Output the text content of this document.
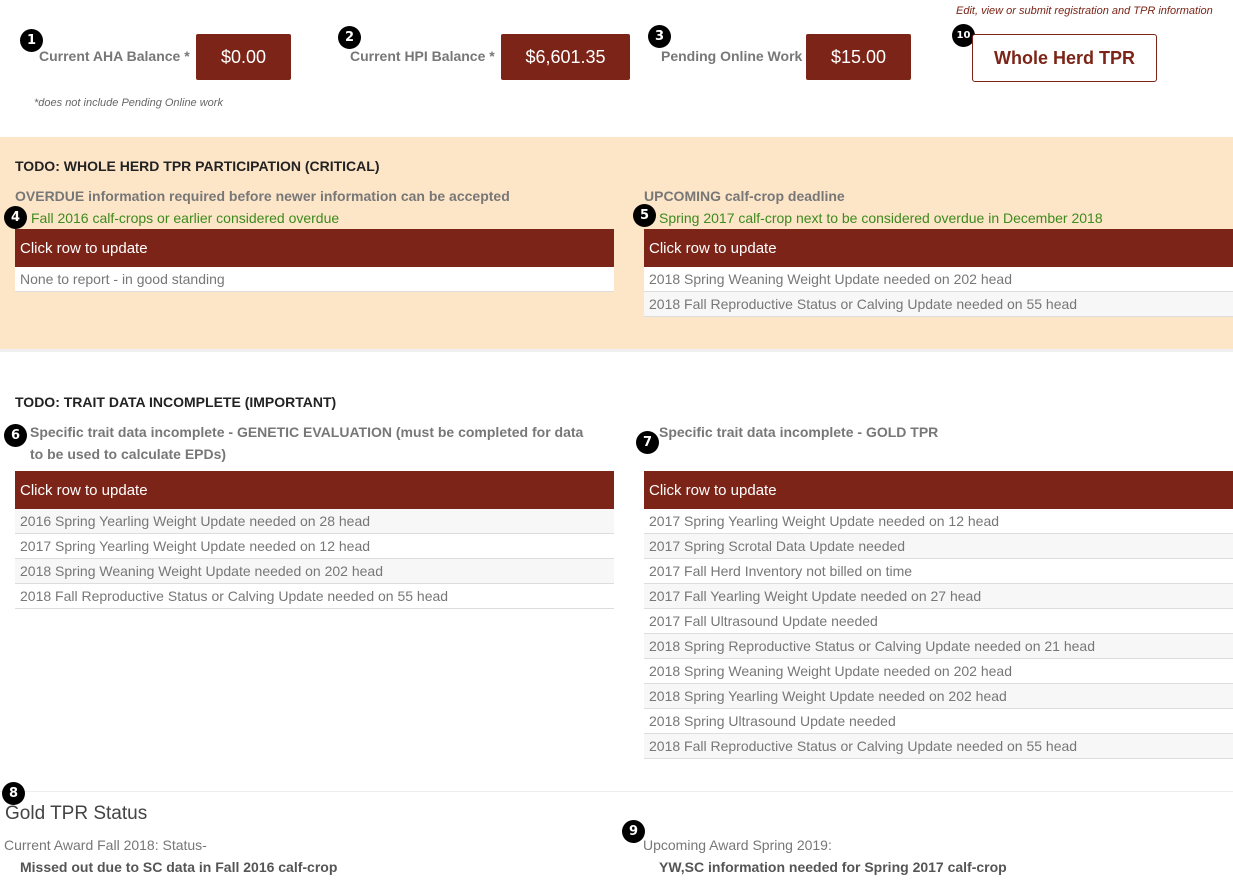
1	2	3	10
Current AHA Balance *	$0.00	Current HPI Balance *	$6,601.35	Pending Online Work	$15.00
*does not include Pending Online work
Edit, view or submit registration and TPR information
Whole Herd TPR
TODO: WHOLE HERD TPR PARTICIPATION (CRITICAL)
OVERDUE information required before newer information can be accepted
4 Fall 2016 calf-crops or earlier considered overdue
Click row to update
None to report - in good standing
UPCOMING calf-crop deadline
5 Spring 2017 calf-crop next to be considered overdue in December 2018
Click row to update
2018 Spring Weaning Weight Update needed on 202 head
2018 Fall Reproductive Status or Calving Update needed on 55 head
TODO: TRAIT DATA INCOMPLETE (IMPORTANT)
6 Specific trait data incomplete - GENETIC EVALUATION (must be completed for data
to be used to calculate EPDs)
Click row to update
2016 Spring Yearling Weight Update needed on 28 head
2017 Spring Yearling Weight Update needed on 12 head
2018 Spring Weaning Weight Update needed on 202 head
2018 Fall Reproductive Status or Calving Update needed on 55 head
7
Specific trait data incomplete - GOLD TPR
Click row to update
2017 Spring Yearling Weight Update needed on 12 head
2017 Spring Scrotal Data Update needed
2017 Fall Herd Inventory not billed on time
2017 Fall Yearling Weight Update needed on 27 head
2017 Fall Ultrasound Update needed
2018 Spring Reproductive Status or Calving Update needed on 21 head
2018 Spring Weaning Weight Update needed on 202 head
2018 Spring Yearling Weight Update needed on 202 head
2018 Spring Ultrasound Update needed
2018 Fall Reproductive Status or Calving Update needed on 55 head
8
Gold TPR Status
Current Award Fall 2018: Status-
Missed out due to SC data in Fall 2016 calf-crop
9
Upcoming Award Spring 2019:
YW,SC information needed for Spring 2017 calf-crop
